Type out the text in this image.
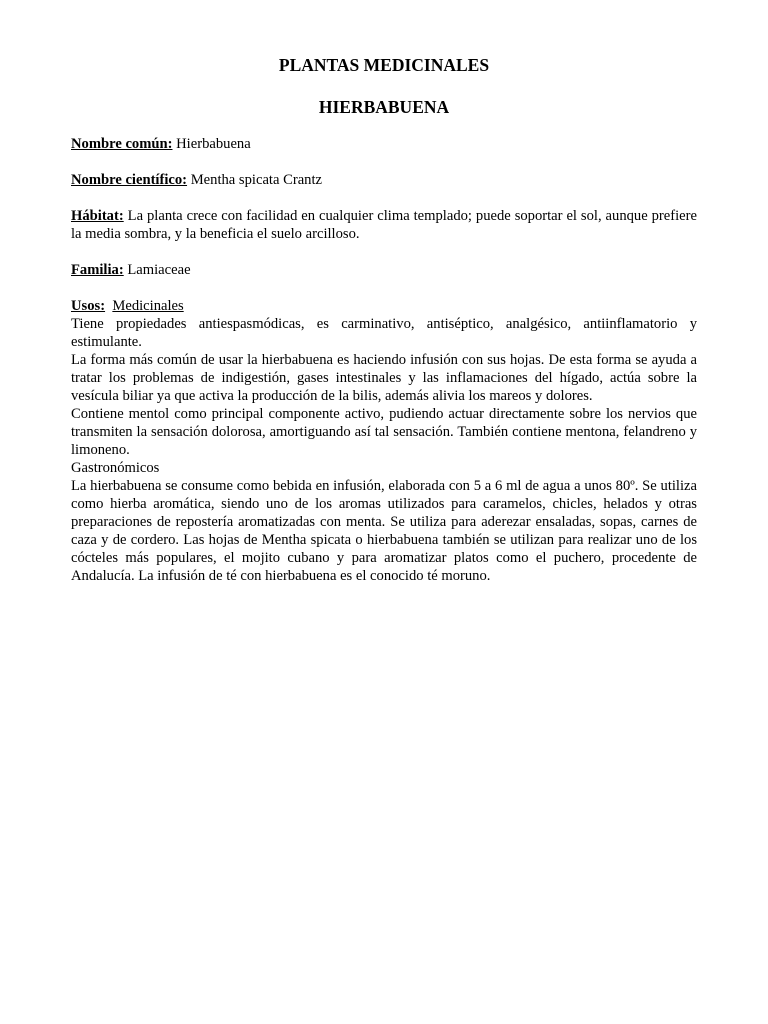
PLANTAS MEDICINALES
HIERBABUENA

Nombre común: Hierbabuena

Nombre científico: Mentha spicata Crantz

Hábitat: La planta crece con facilidad en cualquier clima templado; puede soportar el sol, aunque prefiere la media sombra, y la beneficia el suelo arcilloso.

Familia: Lamiaceae

Usos: Medicinales

Tiene propiedades antiespasmódicas, es carminativo, antiséptico, analgésico, antiinflamatorio y estimulante.

La forma más común de usar la hierbabuena es haciendo infusión con sus hojas. De esta forma se ayuda a tratar los problemas de indigestión, gases intestinales y las inflamaciones del hígado, actúa sobre la vesícula biliar ya que activa la producción de la bilis, además alivia los mareos y dolores.

Contiene mentol como principal componente activo, pudiendo actuar directamente sobre los nervios que transmiten la sensación dolorosa, amortiguando así tal sensación. También contiene mentona, felandreno y limoneno.

Gastronómicos

La hierbabuena se consume como bebida en infusión, elaborada con 5 a 6 ml de agua a unos 80º. Se utiliza como hierba aromática, siendo uno de los aromas utilizados para caramelos, chicles, helados y otras preparaciones de repostería aromatizadas con menta. Se utiliza para aderezar ensaladas, sopas, carnes de caza y de cordero. Las hojas de Mentha spicata o hierbabuena también se utilizan para realizar uno de los cócteles más populares, el mojito cubano y para aromatizar platos como el puchero, procedente de Andalucía. La infusión de té con hierbabuena es el conocido té moruno.
